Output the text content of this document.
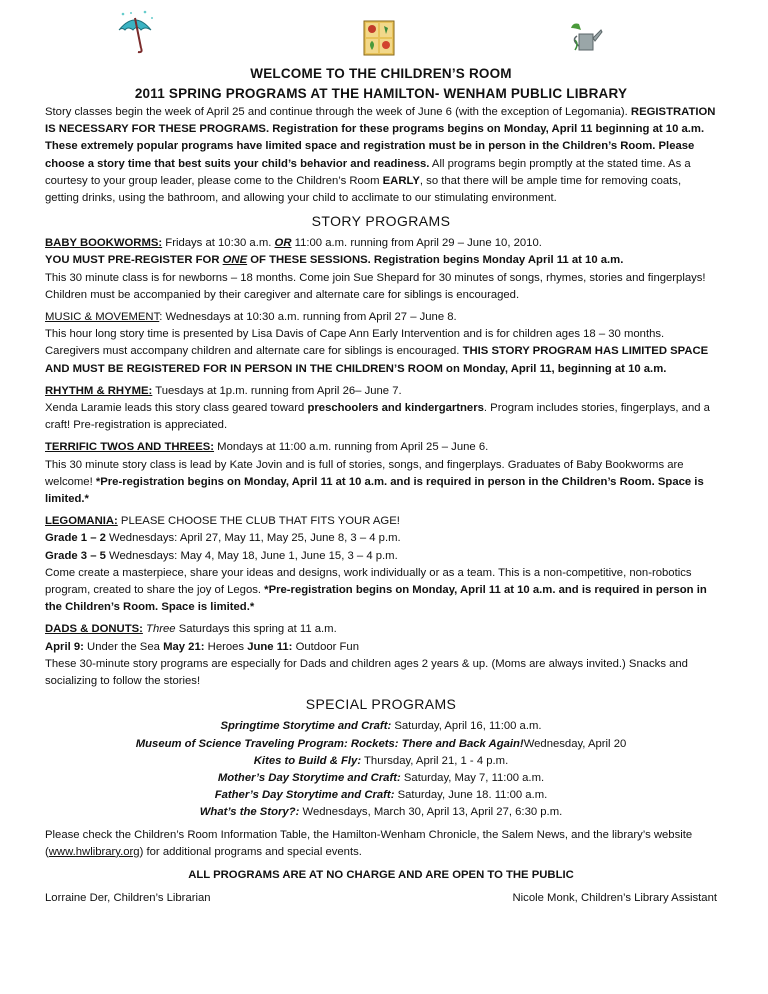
WELCOME TO THE CHILDREN’S ROOM
2011 SPRING PROGRAMS AT THE HAMILTON- WENHAM PUBLIC LIBRARY

Story classes begin the week of April 25 and continue through the week of June 6 (with the exception of Legomania). REGISTRATION IS NECESSARY FOR THESE PROGRAMS. Registration for these programs begins on Monday, April 11 beginning at 10 a.m. These extremely popular programs have limited space and registration must be in person in the Children’s Room. Please choose a story time that best suits your child’s behavior and readiness. All programs begin promptly at the stated time. As a courtesy to your group leader, please come to the Children’s Room EARLY, so that there will be ample time for removing coats, getting drinks, using the bathroom, and allowing your child to acclimate to our stimulating environment.

STORY PROGRAMS

BABY BOOKWORMS: Fridays at 10:30 a.m. OR 11:00 a.m. running from April 29 – June 10, 2010.
YOU MUST PRE-REGISTER FOR ONE OF THESE SESSIONS. Registration begins Monday April 11 at 10 a.m.
This 30 minute class is for newborns – 18 months. Come join Sue Shepard for 30 minutes of songs, rhymes, stories and fingerplays! Children must be accompanied by their caregiver and alternate care for siblings is encouraged.

MUSIC & MOVEMENT: Wednesdays at 10:30 a.m. running from April 27 – June 8.
This hour long story time is presented by Lisa Davis of Cape Ann Early Intervention and is for children ages 18 – 30 months. Caregivers must accompany children and alternate care for siblings is encouraged. THIS STORY PROGRAM HAS LIMITED SPACE AND MUST BE REGISTERED FOR IN PERSON IN THE CHILDREN’S ROOM on Monday, April 11, beginning at 10 a.m.

RHYTHM & RHYME: Tuesdays at 1p.m. running from April 26– June 7.
Xenda Laramie leads this story class geared toward preschoolers and kindergartners. Program includes stories, fingerplays, and a craft! Pre-registration is appreciated.

TERRIFIC TWOS AND THREES: Mondays at 11:00 a.m. running from April 25 – June 6.
This 30 minute story class is lead by Kate Jovin and is full of stories, songs, and fingerplays. Graduates of Baby Bookworms are welcome! *Pre-registration begins on Monday, April 11 at 10 a.m. and is required in person in the Children’s Room. Space is limited.*

LEGOMANIA: PLEASE CHOOSE THE CLUB THAT FITS YOUR AGE!
Grade 1 – 2 Wednesdays: April 27, May 11, May 25, June 8, 3 – 4 p.m.
Grade 3 – 5 Wednesdays: May 4, May 18, June 1, June 15, 3 – 4 p.m.
Come create a masterpiece, share your ideas and designs, work individually or as a team. This is a non-competitive, non-robotics program, created to share the joy of Legos. *Pre-registration begins on Monday, April 11 at 10 a.m. and is required in person in the Children’s Room. Space is limited.*

DADS & DONUTS: Three Saturdays this spring at 11 a.m.
April 9: Under the Sea May 21: Heroes June 11: Outdoor Fun
These 30-minute story programs are especially for Dads and children ages 2 years & up. (Moms are always invited.) Snacks and socializing to follow the stories!

SPECIAL PROGRAMS

Springtime Storytime and Craft: Saturday, April 16, 11:00 a.m.

Museum of Science Traveling Program: Rockets: There and Back Again!Wednesday, April 20

Kites to Build & Fly: Thursday, April 21, 1 - 4 p.m.

Mother’s Day Storytime and Craft: Saturday, May 7, 11:00 a.m.

Father’s Day Storytime and Craft: Saturday, June 18. 11:00 a.m.

What’s the Story?: Wednesdays, March 30, April 13, April 27, 6:30 p.m.

Please check the Children’s Room Information Table, the Hamilton-Wenham Chronicle, the Salem News, and the library’s website (www.hwlibrary.org) for additional programs and special events.

ALL PROGRAMS ARE AT NO CHARGE AND ARE OPEN TO THE PUBLIC
Lorraine Der, Children’s Librarian	Nicole Monk, Children’s Library Assistant
